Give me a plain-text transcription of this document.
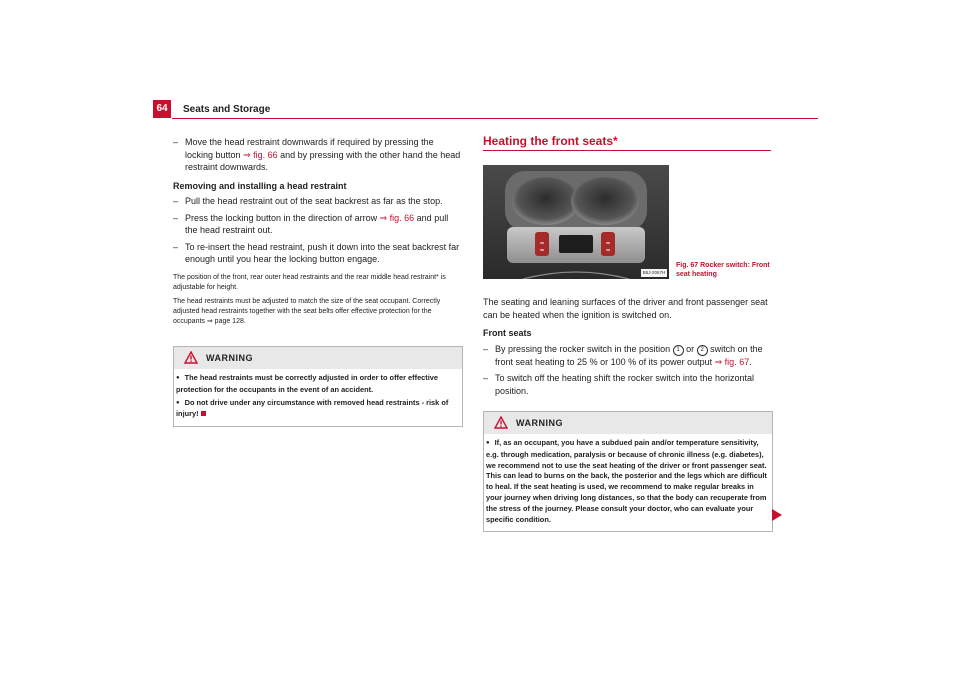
64	Seats and Storage
– Move the head restraint downwards if required by pressing the locking button ⇒ fig. 66 and by pressing with the other hand the head restraint downwards.
Removing and installing a head restraint
– Pull the head restraint out of the seat backrest as far as the stop.
– Press the locking button in the direction of arrow ⇒ fig. 66 and pull the head restraint out.
– To re-insert the head restraint, push it down into the seat backrest far enough until you hear the locking button engage.

The position of the front, rear outer head restraints and the rear middle head restraint* is adjustable for height.

The head restraints must be adjusted to match the size of the seat occupant. Correctly adjusted head restraints together with the seat belts offer effective protection for the occupants ⇒ page 128.

WARNING
● The head restraints must be correctly adjusted in order to offer effective protection for the occupants in the event of an accident.
● Do not drive under any circumstance with removed head restraints - risk of injury!
Heating the front seats*
≈
≈
≈
≈
B5J-2067H
Fig. 67 Rocker switch: Front seat heating

The seating and leaning surfaces of the driver and front passenger seat can be heated when the ignition is switched on.

Front seats
– By pressing the rocker switch in the position 1 or 2 switch on the front seat heating to 25 % or 100 % of its power output ⇒ fig. 67.
– To switch off the heating shift the rocker switch into the horizontal position.
WARNING
● If, as an occupant, you have a subdued pain and/or temperature sensitivity, e.g. through medication, paralysis or because of chronic illness (e.g. diabetes), we recommend not to use the seat heating of the driver or front passenger seat. This can lead to burns on the back, the posterior and the legs which are difficult to heal. If the seat heating is used, we recommend to make regular breaks in your journey when driving long distances, so that the body can recuperate from the stress of the journey. Please consult your doctor, who can evaluate your specific condition.
